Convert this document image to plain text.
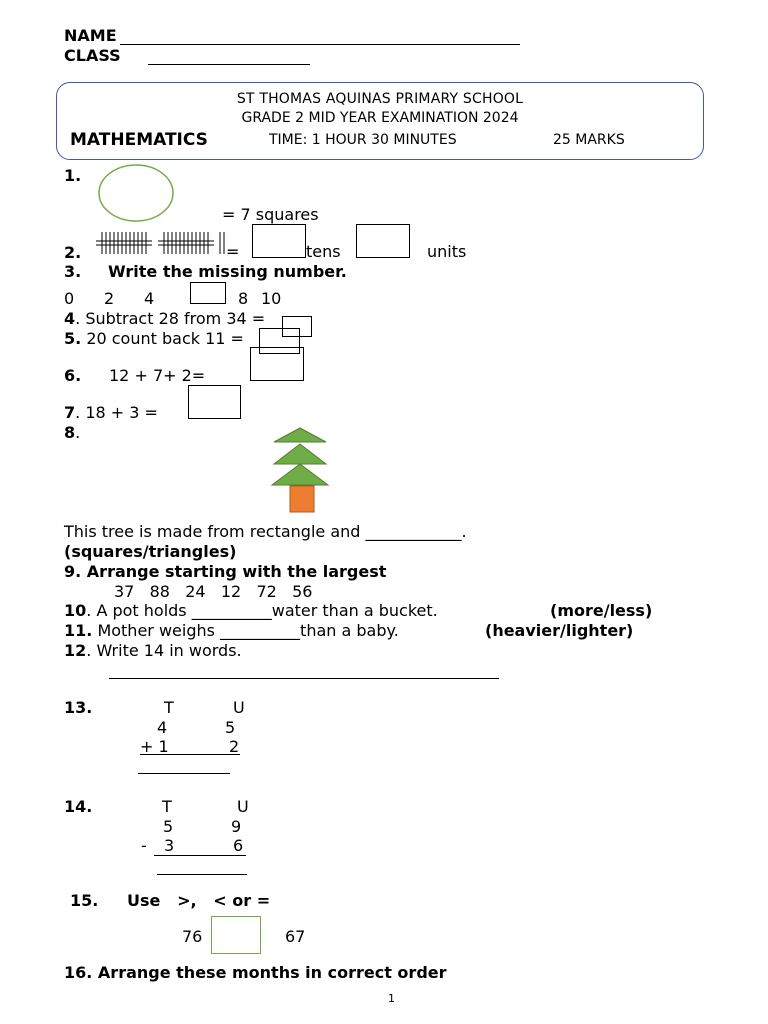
NAME
CLASS
ST THOMAS AQUINAS PRIMARY SCHOOL
GRADE 2 MID YEAR EXAMINATION 2024
MATHEMATICS	TIME: 1 HOUR 30 MINUTES	25 MARKS
1.
= 7 squares
2.	=	tens	units
3. Write the missing number.
0 2 4	8 10
4. Subtract 28 from 34 =
5. 20 count back 11 =
6. 12 + 7+ 2=
7. 18 + 3 =
8.
This tree is made from rectangle and ____________.
(squares/triangles)
9. Arrange starting with the largest
37   88   24   12   72   56
10. A pot holds __________water than a bucket.	(more/less)
11. Mother weighs __________than a baby.	(heavier/lighter)
12. Write 14 in words.
13.	T	U
4	5
+ 1	2
14.	T	U
5	9
- 3	6
15. Use   >,   < or =
76	67
16. Arrange these months in correct order
1
